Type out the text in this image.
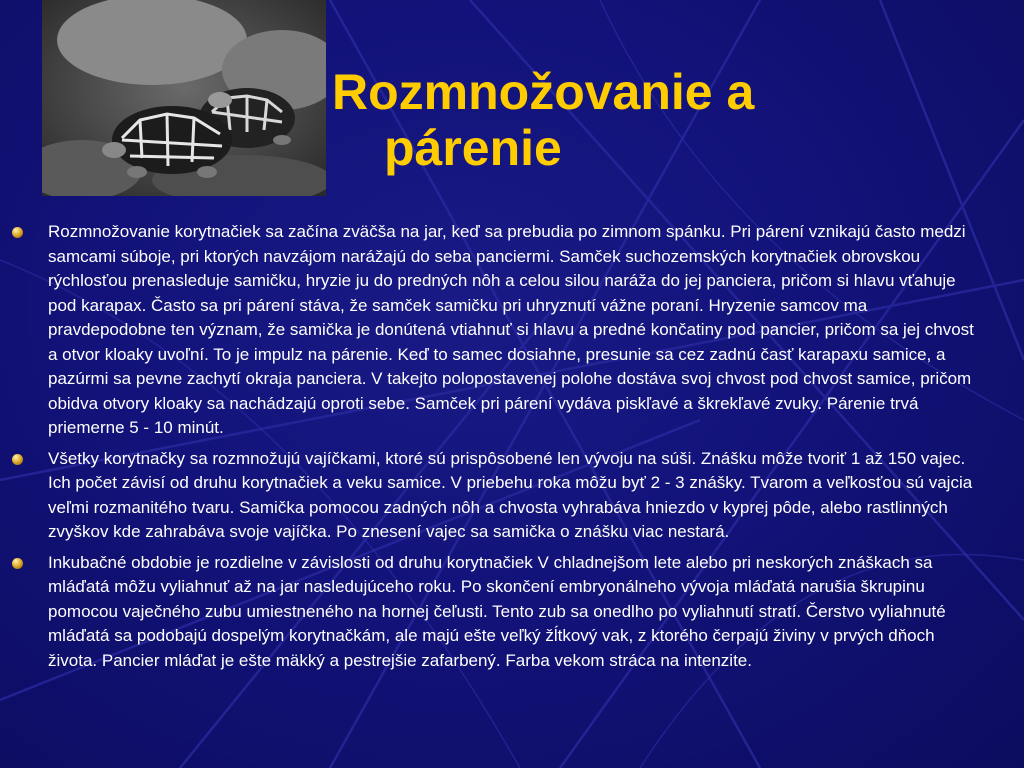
Rozmnožovanie a
párenie
Rozmnožovanie korytnačiek sa začína zväčša na jar, keď sa prebudia po zimnom spánku. Pri párení vznikajú často medzi samcami súboje, pri ktorých navzájom narážajú do seba panciermi. Samček suchozemských korytnačiek obrovskou rýchlosťou prenasleduje samičku, hryzie ju do predných nôh a celou silou naráža do jej panciera, pričom si hlavu vťahuje pod karapax. Často sa pri párení stáva, že samček samičku pri uhryznutí vážne poraní. Hryzenie samcov ma pravdepodobne ten význam, že samička je donútená vtiahnuť si hlavu a predné končatiny pod pancier, pričom sa jej chvost a otvor kloaky uvoľní. To je impulz na párenie. Keď to samec dosiahne, presunie sa cez zadnú časť karapaxu samice, a pazúrmi sa pevne zachytí okraja panciera. V takejto polopostavenej polohe dostáva svoj chvost pod chvost samice, pričom obidva otvory kloaky sa nachádzajú oproti sebe. Samček pri párení vydáva piskľavé a škrekľavé zvuky. Párenie trvá priemerne 5 - 10 minút.
Všetky korytnačky sa rozmnožujú vajíčkami, ktoré sú prispôsobené len vývoju na súši. Znášku môže tvoriť 1 až 150 vajec. Ich počet závisí od druhu korytnačiek a veku samice. V priebehu roka môžu byť 2 - 3 znášky. Tvarom a veľkosťou sú vajcia veľmi rozmanitého tvaru. Samička pomocou zadných nôh a chvosta vyhrabáva hniezdo v kyprej pôde, alebo rastlinných zvyškov kde zahrabáva svoje vajíčka. Po znesení vajec sa samička o znášku viac nestará.
Inkubačné obdobie je rozdielne v závislosti od druhu korytnačiek V chladnejšom lete alebo pri neskorých znáškach sa mláďatá môžu vyliahnuť až na jar nasledujúceho roku. Po skončení embryonálneho vývoja mláďatá narušia škrupinu pomocou vaječného zubu umiestneného na hornej čeľusti. Tento zub sa onedlho po vyliahnutí stratí. Čerstvo vyliahnuté mláďatá sa podobajú dospelým korytnačkám, ale majú ešte veľký žĺtkový vak, z ktorého čerpajú živiny v prvých dňoch života. Pancier mláďat je ešte mäkký a pestrejšie zafarbený. Farba vekom stráca na intenzite.
